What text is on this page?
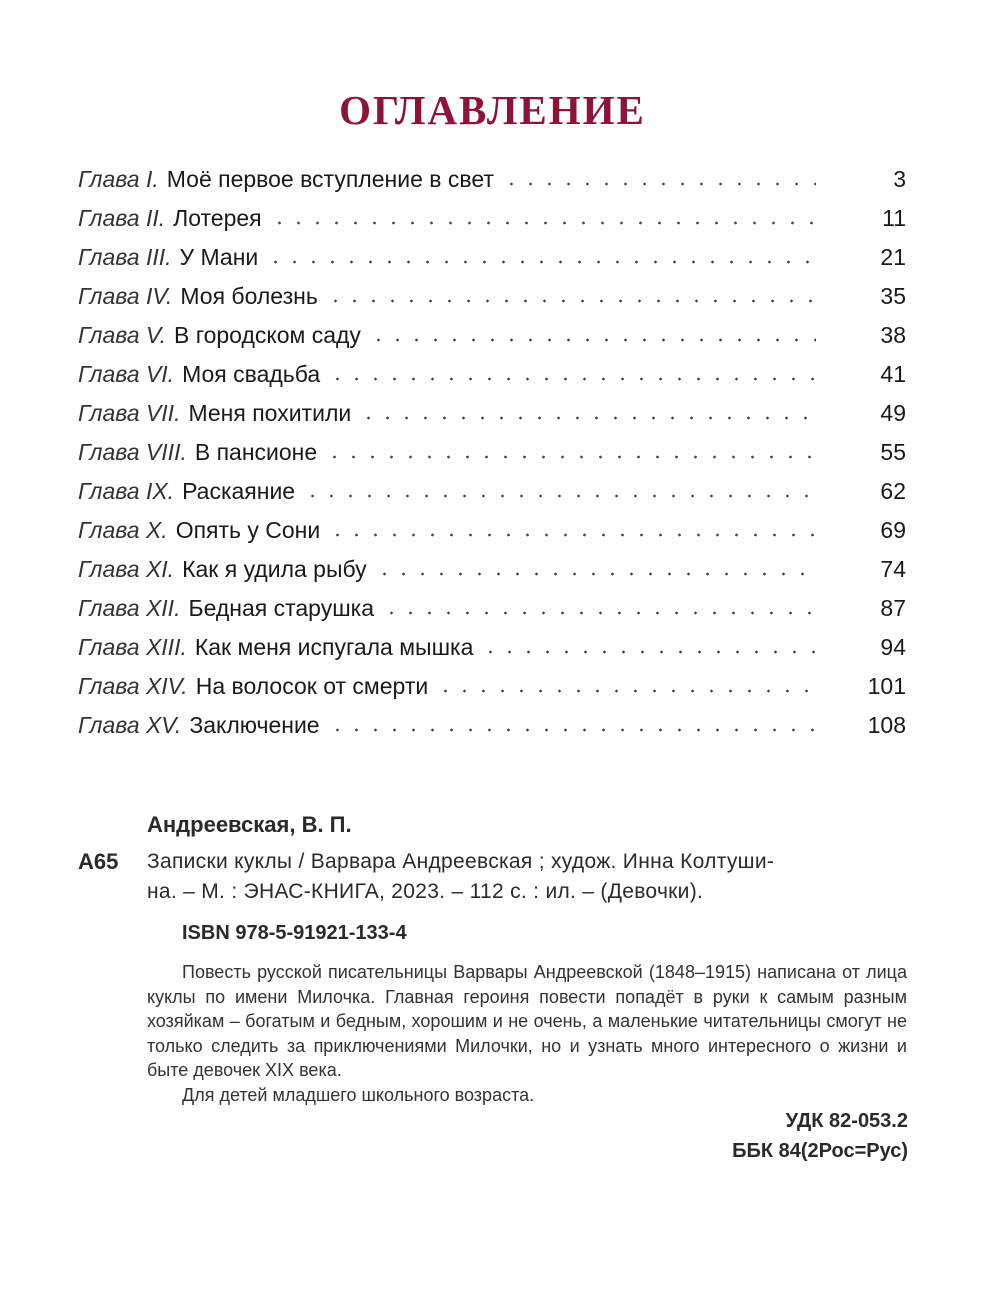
ОГЛАВЛЕНИЕ
Глава I. Моё первое вступление в свет	3
Глава II. Лотерея	11
Глава III. У Мани	21
Глава IV. Моя болезнь	35
Глава V. В городском саду	38
Глава VI. Моя свадьба	41
Глава VII. Меня похитили	49
Глава VIII. В пансионе	55
Глава IX. Раскаяние	62
Глава X. Опять у Сони	69
Глава XI. Как я удила рыбу	74
Глава XII. Бедная старушка	87
Глава XIII. Как меня испугала мышка	94
Глава XIV. На волосок от смерти	101
Глава XV. Заключение	108
Андреевская, В. П.
А65 Записки куклы / Варвара Андреевская ; худож. Инна Колтуши-
на. – М. : ЭНАС-КНИГА, 2023. – 112 с. : ил. – (Девочки).
ISBN 978-5-91921-133-4

Повесть русской писательницы Варвары Андреевской (1848–1915) написана от лица куклы по имени Милочка. Главная героиня повести попадёт в руки к самым разным хозяйкам – богатым и бедным, хорошим и не очень, а маленькие читательницы смогут не только следить за приключениями Милочки, но и узнать много интересного о жизни и быте девочек XIX века.

Для детей младшего школьного возраста.

УДК 82-053.2
ББК 84(2Рос=Рус)
